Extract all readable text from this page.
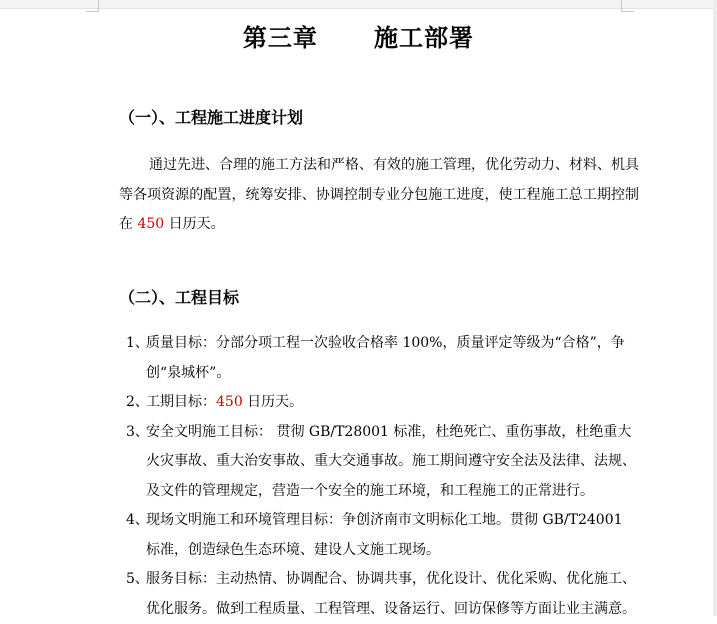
第三章      施工部署
（一）、工程施工进度计划

通过先进、合理的施工方法和严格、有效的施工管理，优化劳动力、材料、机具等各项资源的配置，统筹安排、协调控制专业分包施工进度，使工程施工总工期控制在 450 日历天。

（二）、工程目标
1、
质量目标：分部分项工程一次验收合格率 100%，质量评定等级为“合格”，争创“泉城杯”。
2、
工期目标：450 日历天。
3、
安全文明施工目标： 贯彻 GB/T28001 标准，杜绝死亡、重伤事故，杜绝重大火灾事故、重大治安事故、重大交通事故。施工期间遵守安全法及法律、法规、及文件的管理规定，营造一个安全的施工环境，和工程施工的正常进行。
4、
现场文明施工和环境管理目标：争创济南市文明标化工地。贯彻 GB/T24001 标准，创造绿色生态环境、建设人文施工现场。
5、
服务目标：主动热情、协调配合、协调共事，优化设计、优化采购、优化施工、优化服务。做到工程质量、工程管理、设备运行、回访保修等方面让业主满意。
